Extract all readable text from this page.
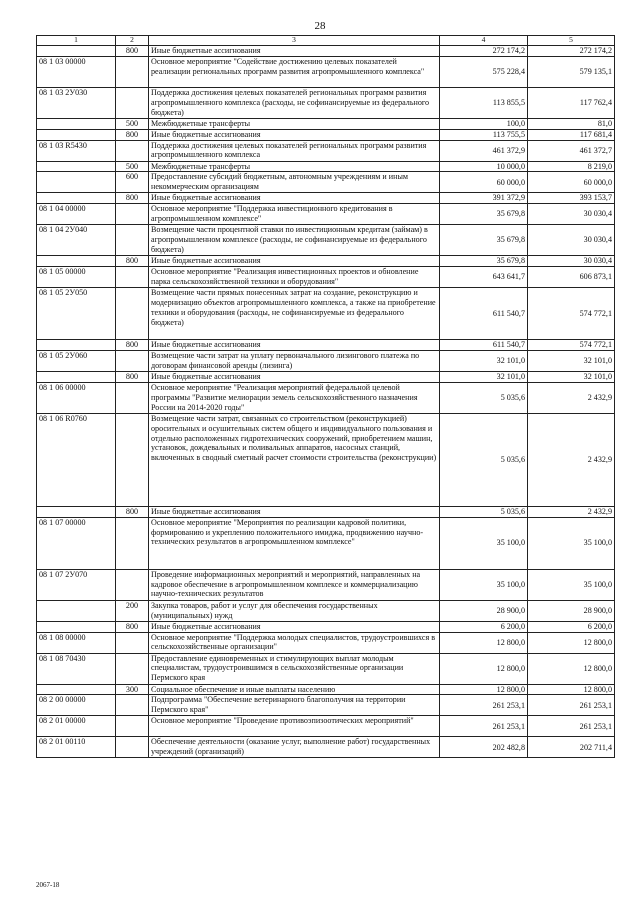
28
1	2	3	4	5
	800	Иные бюджетные ассигнования	272 174,2	272 174,2
08 1 03 00000		Основное мероприятие "Содействие достижению целевых показателей реализации региональных программ развития агропромышленного комплекса"	575 228,4	579 135,1
08 1 03 2У030		Поддержка достижения целевых показателей региональных программ развития агропромышленного комплекса (расходы, не софинансируемые из федерального бюджета)	113 855,5	117 762,4
	500	Межбюджетные трансферты	100,0	81,0
	800	Иные бюджетные ассигнования	113 755,5	117 681,4
08 1 03 R5430		Поддержка достижения целевых показателей региональных программ развития агропромышленного комплекса	461 372,9	461 372,7
	500	Межбюджетные трансферты	10 000,0	8 219,0
	600	Предоставление субсидий бюджетным, автономным учреждениям и иным некоммерческим организациям	60 000,0	60 000,0
	800	Иные бюджетные ассигнования	391 372,9	393 153,7
08 1 04 00000		Основное мероприятие "Поддержка инвестиционного кредитования в агропромышленном комплексе"	35 679,8	30 030,4
08 1 04 2У040		Возмещение части процентной ставки по инвестиционным кредитам (займам) в агропромышленном комплексе (расходы, не софинансируемые из федерального бюджета)	35 679,8	30 030,4
	800	Иные бюджетные ассигнования	35 679,8	30 030,4
08 1 05 00000		Основное мероприятие "Реализация инвестиционных проектов и обновление парка сельскохозяйственной техники и оборудования"	643 641,7	606 873,1
08 1 05 2У050		Возмещение части прямых понесенных затрат на создание, реконструкцию и модернизацию объектов агропромышленного комплекса, а также на приобретение техники и оборудования (расходы, не софинансируемые из федерального бюджета)	611 540,7	574 772,1
	800	Иные бюджетные ассигнования	611 540,7	574 772,1
08 1 05 2У060		Возмещение части затрат на уплату первоначального лизингового платежа по договорам финансовой аренды (лизинга)	32 101,0	32 101,0
	800	Иные бюджетные ассигнования	32 101,0	32 101,0
08 1 06 00000		Основное мероприятие "Реализация мероприятий федеральной целевой программы "Развитие мелиорации земель сельскохозяйственного назначения России на 2014-2020 годы"	5 035,6	2 432,9
08 1 06 R0760		Возмещение части затрат, связанных со строительством (реконструкцией) оросительных и осушительных систем общего и индивидуального пользования и отдельно расположенных гидротехнических сооружений, приобретением машин, установок, дождевальных и поливальных аппаратов, насосных станций, включенных в сводный сметный расчет стоимости строительства (реконструкции)	5 035,6	2 432,9
	800	Иные бюджетные ассигнования	5 035,6	2 432,9
08 1 07 00000		Основное мероприятие "Мероприятия по реализации кадровой политики, формированию и укреплению положительного имиджа, продвижению научно-технических результатов в агропромышленном комплексе"	35 100,0	35 100,0
08 1 07 2У070		Проведение информационных мероприятий и мероприятий, направленных на кадровое обеспечение в агропромышленном комплексе и коммерциализацию научно-технических результатов	35 100,0	35 100,0
	200	Закупка товаров, работ и услуг для обеспечения государственных (муниципальных) нужд	28 900,0	28 900,0
	800	Иные бюджетные ассигнования	6 200,0	6 200,0
08 1 08 00000		Основное мероприятие "Поддержка молодых специалистов, трудоустроившихся в сельскохозяйственные организации"	12 800,0	12 800,0
08 1 08 70430		Предоставление единовременных и стимулирующих выплат молодым специалистам, трудоустроившимся в сельскохозяйственные организации Пермского края	12 800,0	12 800,0
	300	Социальное обеспечение и иные выплаты населению	12 800,0	12 800,0
08 2 00 00000		Подпрограмма "Обеспечение ветеринарного благополучия на территории Пермского края"	261 253,1	261 253,1
08 2 01 00000		Основное мероприятие "Проведение противоэпизоотических мероприятий"	261 253,1	261 253,1
08 2 01 00110		Обеспечение деятельности (оказание услуг, выполнение работ) государственных учреждений (организаций)	202 482,8	202 711,4
2067-18
